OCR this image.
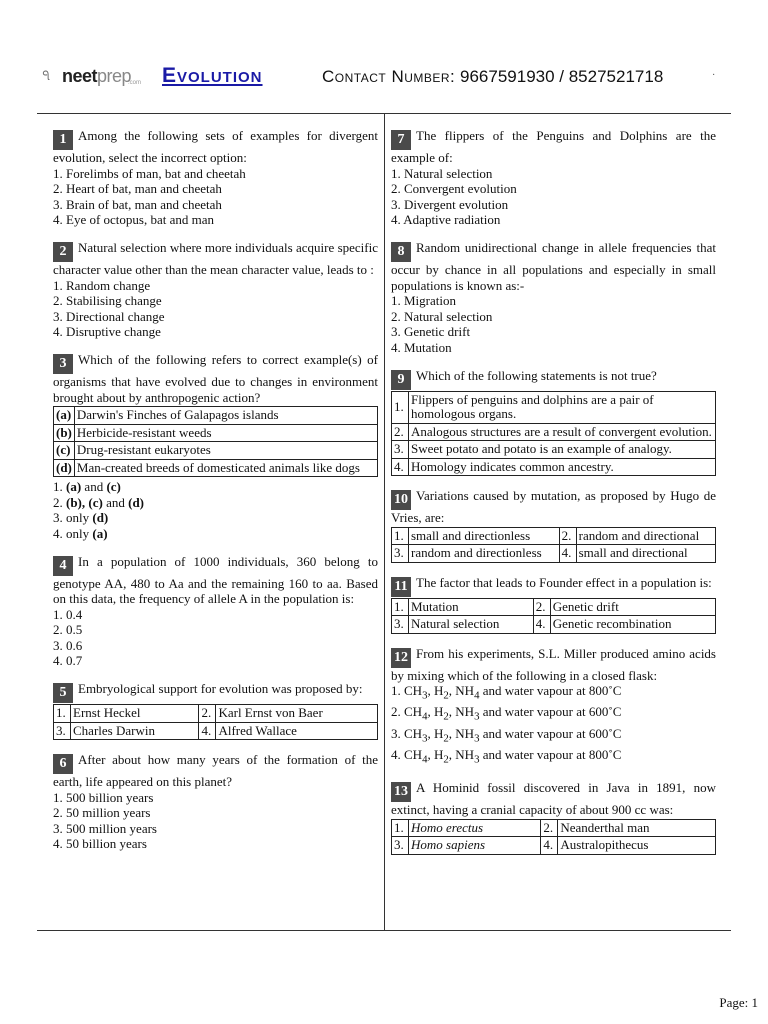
ঀ neetprep
.com Evolution	Contact Number: 9667591930 / 8527521718	·
1 Among the following sets of examples for divergent evolution, select the incorrect option:
1. Forelimbs of man, bat and cheetah
2. Heart of bat, man and cheetah
3. Brain of bat, man and cheetah
4. Eye of octopus, bat and man
2 Natural selection where more individuals acquire specific character value other than the mean character value, leads to :
1. Random change
2. Stabilising change
3. Directional change
4. Disruptive change
3 Which of the following refers to correct example(s) of organisms that have evolved due to changes in environment brought about by anthropogenic action?
(a)	Darwin's Finches of Galapagos islands
(b)	Herbicide-resistant weeds
(c)	Drug-resistant eukaryotes
(d)	Man-created breeds of domesticated animals like dogs
1. (a) and (c)
2. (b), (c) and (d)
3. only (d)
4. only (a)
4 In a population of 1000 individuals, 360 belong to genotype AA, 480 to Aa and the remaining 160 to aa. Based on this data, the frequency of allele A in the population is:
1. 0.4
2. 0.5
3. 0.6
4. 0.7
5 Embryological support for evolution was proposed by:
1.	Ernst Heckel	2.	Karl Ernst von Baer
3.	Charles Darwin	4.	Alfred Wallace
6 After about how many years of the formation of the earth, life appeared on this planet?
1. 500 billion years
2. 50 million years
3. 500 million years
4. 50 billion years
7 The flippers of the Penguins and Dolphins are the example of:
1. Natural selection
2. Convergent evolution
3. Divergent evolution
4. Adaptive radiation
8 Random unidirectional change in allele frequencies that occur by chance in all populations and especially in small populations is known as:-
1. Migration
2. Natural selection
3. Genetic drift
4. Mutation
9 Which of the following statements is not true?
1.	Flippers of penguins and dolphins are a pair of homologous organs.
2.	Analogous structures are a result of convergent evolution.
3.	Sweet potato and potato is an example of analogy.
4.	Homology indicates common ancestry.
10 Variations caused by mutation, as proposed by Hugo de Vries, are:
1.	small and directionless	2.	random and directional
3.	random and directionless	4.	small and directional
11 The factor that leads to Founder effect in a population is:
1.	Mutation	2.	Genetic drift
3.	Natural selection	4.	Genetic recombination
12 From his experiments, S.L. Miller produced amino acids by mixing which of the following in a closed flask:
1. $CH_3$, $H_2$, $NH_4$ and water vapour at 800˚C
2. $CH_4$, $H_2$, $NH_3$ and water vapour at 600˚C
3. $CH_3$, $H_2$, $NH_3$ and water vapour at 600˚C
4. $CH_4$, $H_2$, $NH_3$ and water vapour at 800˚C
13 A Hominid fossil discovered in Java in 1891, now extinct, having a cranial capacity of about 900 cc was:
1.	Homo erectus	2.	Neanderthal man
3.	Homo sapiens	4.	Australopithecus
Page: 1
